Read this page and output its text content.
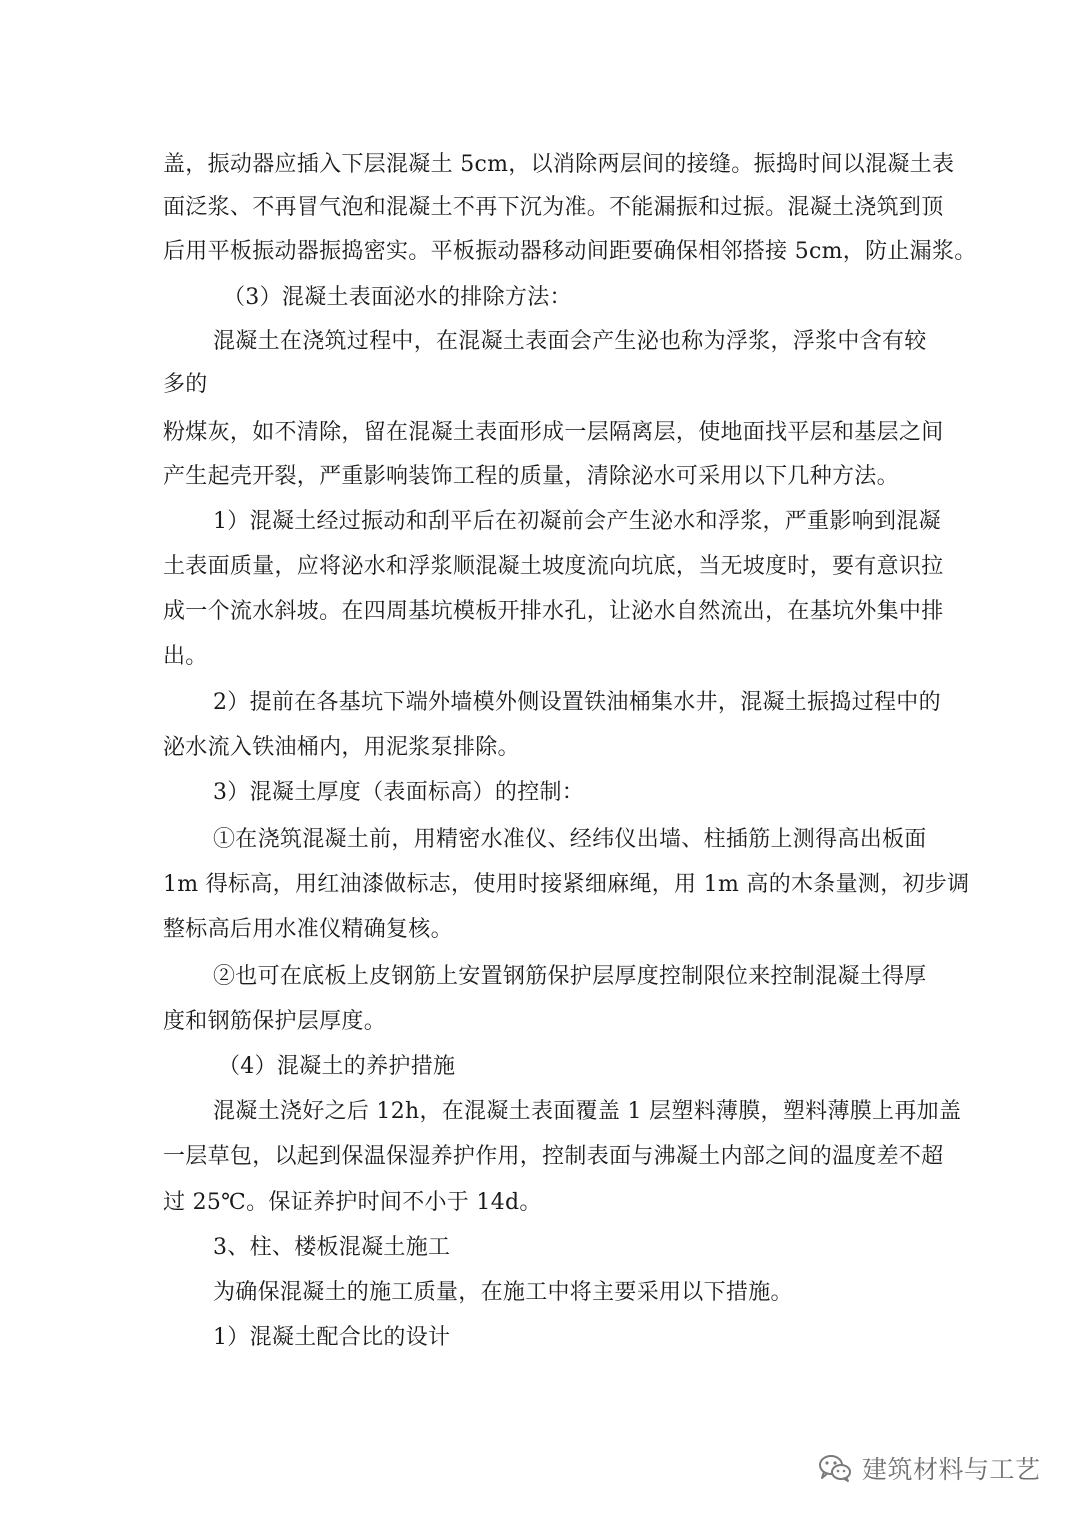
盖，振动器应插入下层混凝土 5cm，以消除两层间的接缝。振捣时间以混凝土表
面泛浆、不再冒气泡和混凝土不再下沉为准。不能漏振和过振。混凝土浇筑到顶
后用平板振动器振捣密实。平板振动器移动间距要确保相邻搭接 5cm，防止漏浆。
（3）混凝土表面泌水的排除方法：
混凝土在浇筑过程中，在混凝土表面会产生泌也称为浮浆，浮浆中含有较
多的
粉煤灰，如不清除，留在混凝土表面形成一层隔离层，使地面找平层和基层之间
产生起壳开裂，严重影响装饰工程的质量，清除泌水可采用以下几种方法。
1）混凝土经过振动和刮平后在初凝前会产生泌水和浮浆，严重影响到混凝
土表面质量，应将泌水和浮浆顺混凝土坡度流向坑底，当无坡度时，要有意识拉
成一个流水斜坡。在四周基坑模板开排水孔，让泌水自然流出，在基坑外集中排
出。
2）提前在各基坑下端外墙模外侧设置铁油桶集水井，混凝土振捣过程中的
泌水流入铁油桶内，用泥浆泵排除。
3）混凝土厚度（表面标高）的控制：
①在浇筑混凝土前，用精密水准仪、经纬仪出墙、柱插筋上测得高出板面
1m 得标高，用红油漆做标志，使用时接紧细麻绳，用 1m 高的木条量测，初步调
整标高后用水准仪精确复核。
②也可在底板上皮钢筋上安置钢筋保护层厚度控制限位来控制混凝土得厚
度和钢筋保护层厚度。
（4）混凝土的养护措施
混凝土浇好之后 12h，在混凝土表面覆盖 1 层塑料薄膜，塑料薄膜上再加盖
一层草包，以起到保温保湿养护作用，控制表面与沸凝土内部之间的温度差不超
过 25℃。保证养护时间不小于 14d。
3、柱、楼板混凝土施工
为确保混凝土的施工质量，在施工中将主要采用以下措施。
1）混凝土配合比的设计
建筑材料与工艺
